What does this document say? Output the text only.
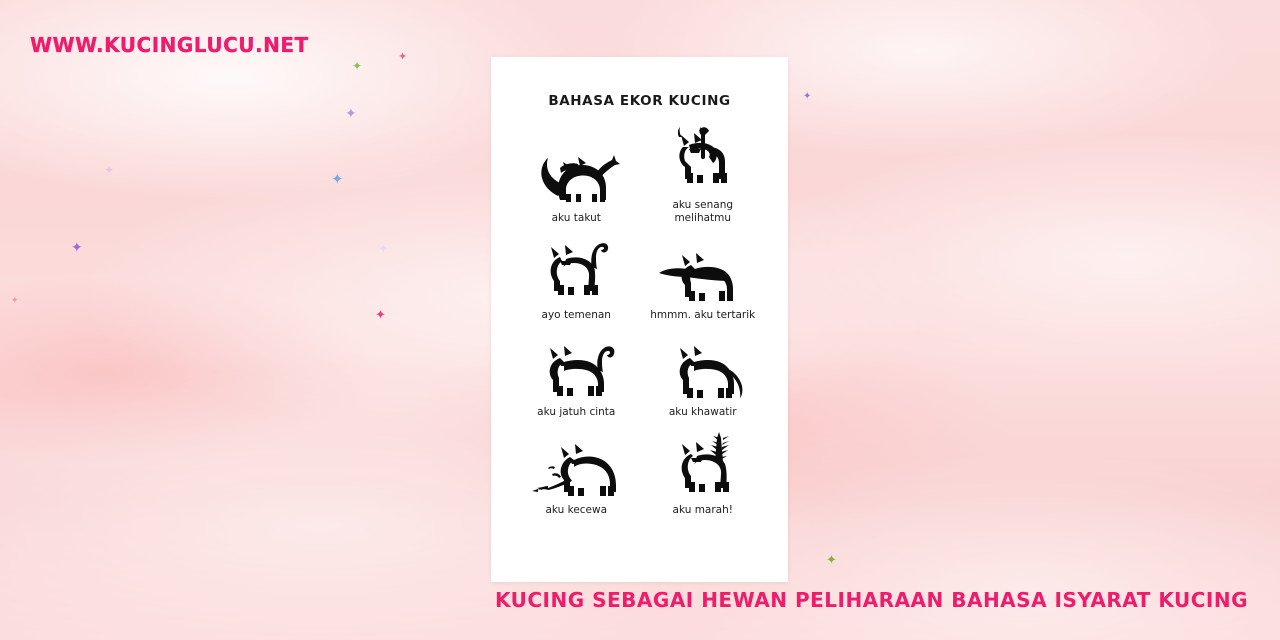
WWW.KUCINGLUCU.NET
KUCING SEBAGAI HEWAN PELIHARAAN BAHASA ISYARAT KUCING
✦
✦
✦
✦
✦
✦
✦	✦
✦
✦
✦
BAHASA EKOR KUCING
aku takut
aku senang melihatmu
ayo temenan	hmmm. aku tertarik
aku jatuh cinta	aku khawatir
aku kecewa	aku marah!
